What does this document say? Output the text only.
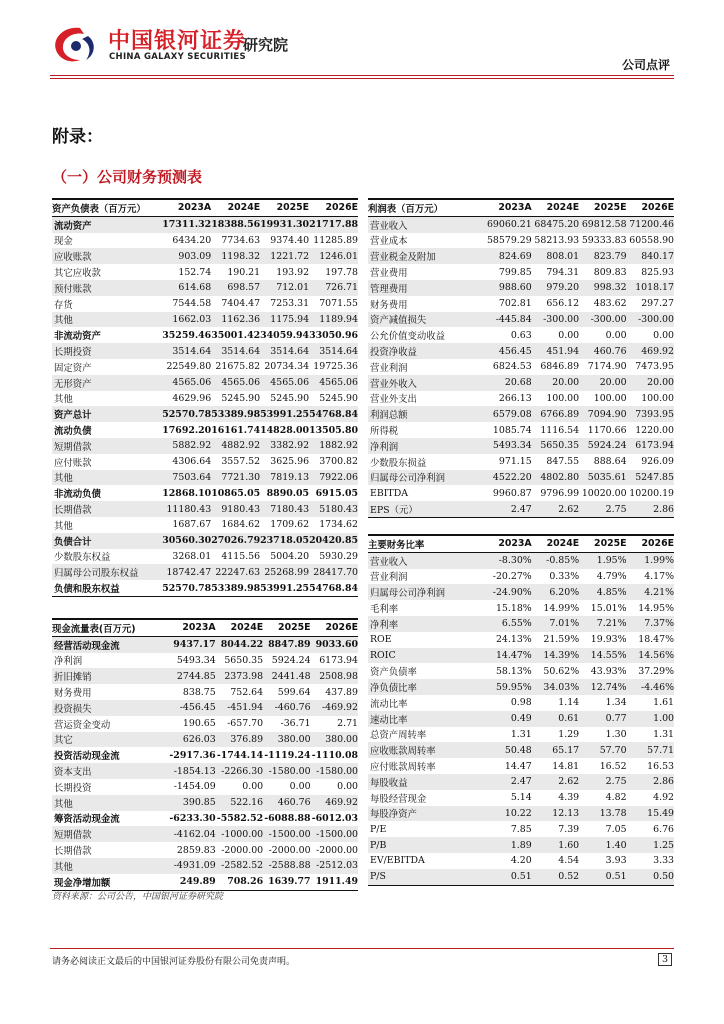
中国银河证券
研究院
CHINA GALAXY SECURITIES
公司点评
附录：
（一）公司财务预测表
资产负债表（百万元）	2023A	2024E	2025E	2026E
流动资产	17311.32	18388.56	19931.30	21717.88
现金	6434.20	7734.63	9374.40	11285.89
应收账款	903.09	1198.32	1221.72	1246.01
其它应收款	152.74	190.21	193.92	197.78
预付账款	614.68	698.57	712.01	726.71
存货	7544.58	7404.47	7253.31	7071.55
其他	1662.03	1162.36	1175.94	1189.94
非流动资产	35259.46	35001.42	34059.94	33050.96
长期投资	3514.64	3514.64	3514.64	3514.64
固定资产	22549.80	21675.82	20734.34	19725.36
无形资产	4565.06	4565.06	4565.06	4565.06
其他	4629.96	5245.90	5245.90	5245.90
资产总计	52570.78	53389.98	53991.25	54768.84
流动负债	17692.20	16161.74	14828.00	13505.80
短期借款	5882.92	4882.92	3382.92	1882.92
应付账款	4306.64	3557.52	3625.96	3700.82
其他	7503.64	7721.30	7819.13	7922.06
非流动负债	12868.10	10865.05	8890.05	6915.05
长期借款	11180.43	9180.43	7180.43	5180.43
其他	1687.67	1684.62	1709.62	1734.62
负债合计	30560.30	27026.79	23718.05	20420.85
少数股东权益	3268.01	4115.56	5004.20	5930.29
归属母公司股东权益	18742.47	22247.63	25268.99	28417.70
负债和股东权益	52570.78	53389.98	53991.25	54768.84
利润表（百万元）	2023A	2024E	2025E	2026E
营业收入	69060.21	68475.20	69812.58	71200.46
营业成本	58579.29	58213.93	59333.83	60558.90
营业税金及附加	824.69	808.01	823.79	840.17
营业费用	799.85	794.31	809.83	825.93
管理费用	988.60	979.20	998.32	1018.17
财务费用	702.81	656.12	483.62	297.27
资产减值损失	-445.84	-300.00	-300.00	-300.00
公允价值变动收益	0.63	0.00	0.00	0.00
投资净收益	456.45	451.94	460.76	469.92
营业利润	6824.53	6846.89	7174.90	7473.95
营业外收入	20.68	20.00	20.00	20.00
营业外支出	266.13	100.00	100.00	100.00
利润总额	6579.08	6766.89	7094.90	7393.95
所得税	1085.74	1116.54	1170.66	1220.00
净利润	5493.34	5650.35	5924.24	6173.94
少数股东损益	971.15	847.55	888.64	926.09
归属母公司净利润	4522.20	4802.80	5035.61	5247.85
EBITDA	9960.87	9796.99	10020.00	10200.19
EPS（元）	2.47	2.62	2.75	2.86
现金流量表(百万元)	2023A	2024E	2025E	2026E
经营活动现金流	9437.17	8044.22	8847.89	9033.60
净利润	5493.34	5650.35	5924.24	6173.94
折旧摊销	2744.85	2373.98	2441.48	2508.98
财务费用	838.75	752.64	599.64	437.89
投资损失	-456.45	-451.94	-460.76	-469.92
营运资金变动	190.65	-657.70	-36.71	2.71
其它	626.03	376.89	380.00	380.00
投资活动现金流	-2917.36	-1744.14	-1119.24	-1110.08
资本支出	-1854.13	-2266.30	-1580.00	-1580.00
长期投资	-1454.09	0.00	0.00	0.00
其他	390.85	522.16	460.76	469.92
筹资活动现金流	-6233.30	-5582.52	-6088.88	-6012.03
短期借款	-4162.04	-1000.00	-1500.00	-1500.00
长期借款	2859.83	-2000.00	-2000.00	-2000.00
其他	-4931.09	-2582.52	-2588.88	-2512.03
现金净增加额	249.89	708.26	1639.77	1911.49
主要财务比率	2023A	2024E	2025E	2026E
营业收入	-8.30%	-0.85%	1.95%	1.99%
营业利润	-20.27%	0.33%	4.79%	4.17%
归属母公司净利润	-24.90%	6.20%	4.85%	4.21%
毛利率	15.18%	14.99%	15.01%	14.95%
净利率	6.55%	7.01%	7.21%	7.37%
ROE	24.13%	21.59%	19.93%	18.47%
ROIC	14.47%	14.39%	14.55%	14.56%
资产负债率	58.13%	50.62%	43.93%	37.29%
净负债比率	59.95%	34.03%	12.74%	-4.46%
流动比率	0.98	1.14	1.34	1.61
速动比率	0.49	0.61	0.77	1.00
总资产周转率	1.31	1.29	1.30	1.31
应收账款周转率	50.48	65.17	57.70	57.71
应付账款周转率	14.47	14.81	16.52	16.53
每股收益	2.47	2.62	2.75	2.86
每股经营现金	5.14	4.39	4.82	4.92
每股净资产	10.22	12.13	13.78	15.49
P/E	7.85	7.39	7.05	6.76
P/B	1.89	1.60	1.40	1.25
EV/EBITDA	4.20	4.54	3.93	3.33
P/S	0.51	0.52	0.51	0.50
资料来源：公司公告，中国银河证券研究院
请务必阅读正文最后的中国银河证券股份有限公司免责声明。	3
